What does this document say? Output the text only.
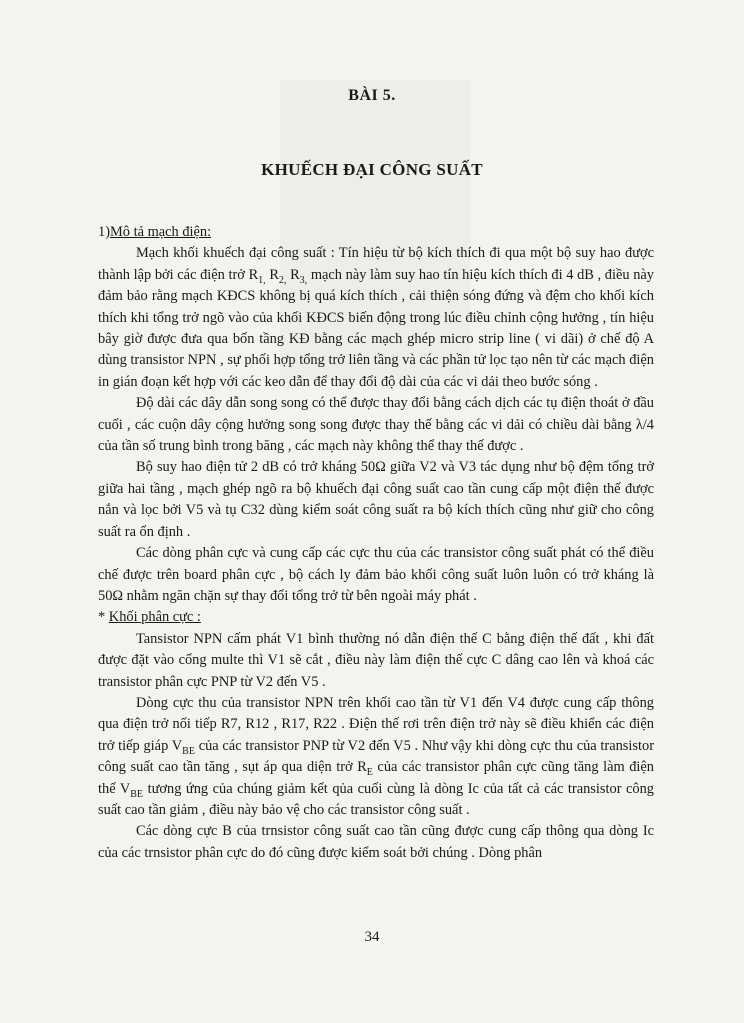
BÀI 5.
KHUẾCH ĐẠI CÔNG SUẤT

1)Mô tả mạch điện:

Mạch khối khuếch đại công suất : Tín hiệu từ bộ kích thích đi qua một bộ suy hao được thành lập bởi các điện trở $R_{1,}$ $R_{2,}$ $R_{3,}$ mạch này làm suy hao tín hiệu kích thích đi 4 dB , điều này đảm bảo rằng mạch KĐCS không bị quá kích thích , cải thiện sóng đứng và đệm cho khối kích thích khi tổng trở ngõ vào của khối KĐCS biến động trong lúc điều chỉnh cộng hưởng , tín hiệu bây giờ được đưa qua bốn tầng KĐ bằng các mạch ghép micro strip line ( vi dãi) ở chế độ A dùng transistor NPN , sự phối hợp tổng trở liên tầng và các phần tử lọc tạo nên từ các mạch điện in gián đoạn kết hợp với các keo dẫn để thay đổi độ dài của các vi dải theo bước sóng .

Độ dài các dây dẫn song song có thể được thay đổi bằng cách dịch các tụ điện thoát ở đầu cuối , các cuộn dây cộng hưởng song song được thay thế bằng các vi dải có chiều dài bằng λ/4 của tần số trung bình trong băng , các mạch này không thể thay thế được .

Bộ suy hao điện tử 2 dB có trở kháng 50Ω giữa V2 và V3 tác dụng như bộ đệm tổng trở giữa hai tầng , mạch ghép ngõ ra bộ khuếch đại công suất cao tần cung cấp một điện thế được nắn và lọc bởi V5 và tụ C32 dùng kiểm soát công suất ra bộ kích thích cũng như giữ cho công suất ra ổn định .

Các dòng phân cực và cung cấp các cực thu của các transistor công suất phát có thể điều chế được trên board phân cực , bộ cách ly đảm bảo khối công suất luôn luôn có trở kháng là 50Ω nhằm ngăn chặn sự thay đổi tổng trở từ bên ngoài máy phát .

* Khối phân cực :

Tansistor NPN cấm phát V1 bình thường nó dẫn điện thế C bằng điện thế đất , khi đất được đặt vào cổng multe thì V1 sẽ cắt , điều này làm điện thế cực C dâng cao lên và khoá các transistor phân cực PNP từ V2 đến V5 .

Dòng cực thu của transistor NPN trên khối cao tần từ V1 đến V4 được cung cấp thông qua điện trở nối tiếp R7, R12 , R17, R22 . Điện thế rơi trên điện trở này sẽ điều khiển các điện trở tiếp giáp $V_{BE}$ của các transistor PNP từ V2 đến V5 . Như vậy khi dòng cực thu của transistor công suất cao tần tăng , sụt áp qua diện trở $R_E$ của các transistor phân cực cũng tăng làm điện thế $V_{BE}$ tương ứng của chúng giảm kết qủa cuối cùng là dòng Ic của tất cả các transistor công suất cao tần giảm , điều này bảo vệ cho các transistor công suất .

Các dòng cực B của trnsistor công suất cao tần cũng được cung cấp thông qua dòng Ic của các trnsistor phân cực do đó cũng được kiểm soát bởi chúng . Dòng phân

34
